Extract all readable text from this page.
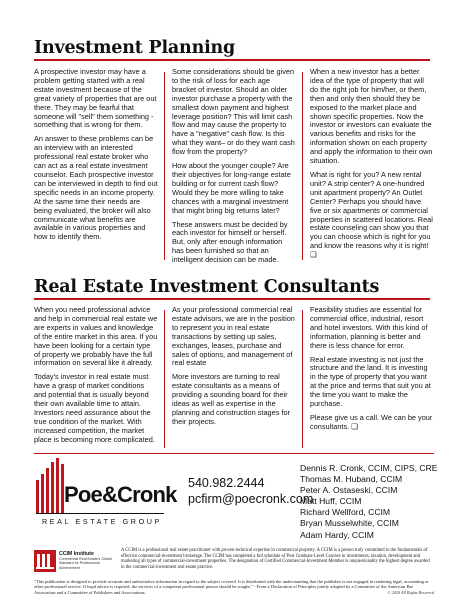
Investment Planning

A prospective investor may have a problem getting started with a real estate investment because of the great variety of properties that are out there. They may be fearful that someone will "sell" them something - something that is wrong for them.

An answer to these problems can be an interview with an interested professional real estate broker who can act as a real estate investment counselor. Each prospective investor can be interviewed in depth to find out specific needs in an income property. At the same time their needs are being evaluated, the broker will also communicate what benefits are available in various properties and how to identify them.

Some considerations should be given to the risk of loss for each age bracket of investor. Should an older investor purchase a property with the smallest down payment and highest leverage position? This will limit cash flow and may cause the property to have a "negative" cash flow. Is this what they want– or do they want cash flow from the property?

How about the younger couple? Are their objectives for long-range estate building or for current cash flow? Would they be more willing to take chances with a marginal investment that might bring big returns later?

These answers must be decided by each investor for himself or herself. But, only after enough information has been furnished so that an intelligent decision can be made.

When a new investor has a better idea of the type of property that will do the right job for him/her, or them, then and only then should they be exposed to the market place and shown specific properties. Now the investor or investors can evaluate the various benefits and risks for the information shown on each property and apply the information to their own situation.

What is right for you? A new rental unit? A strip center? A one-hundred unit apartment property? An Outlet Center? Perhaps you should have five or six apartments or commercial properties in scattered locations. Real estate counseling can show you that you can choose which is right for you and know the reasons why it is right! ❑

Real Estate Investment Consultants

When you need professional advice and help in commercial real estate we are experts in values and knowledge of the entire market in this area. If you have been looking for a certain type of property we probably have the full information on several like it already.

Today's investor in real estate must have a grasp of market conditions and potential that is usually beyond their own available time to attain. Investors need assurance about the true condition of the market. With increased competition, the market place is becoming more complicated.

As your professional commercial real estate advisors, we are in the position to represent you in real estate transactions by setting up sales, exchanges, leases, purchase and sales of options, and management of real estate

More investors are turning to real estate consultants as a means of providing a sounding board for their ideas as well as expertise in the planning and construction stages for their projects.

Feasibility studies are essential for commercial office, industrial, resort and hotel investors. With this kind of information, planning is better and there is less chance for error.

Real estate investing is not just the structure and the land. It is investing in the type of property that you want at the price and terms that suit you at the time you want to make the purchase.

Please give us a call. We can be your consultants. ❑

Poe&Cronk
REAL ESTATE GROUP
540.982.2444
pcfirm@poecronk.com
Dennis R. Cronk, CCIM, CIPS, CRE
Thomas M. Huband, CCIM
Peter A. Ostaseski, CCIM
Matt Huff, CCIM
Richard Wellford, CCIM
Bryan Musselwhite, CCIM
Adam Hardy, CCIM
CCIM Institute
Commercial Real Estate's Global Standard for Professional Achievement
A CCIM is a professional real estate practitioner with proven technical expertise in commercial property. A CCIM is a person truly committed to the fundamentals of effective commercial-investment brokerage. The CCIM has completed a full schedule of Post Graduate Level Courses in investments, taxation, development and marketing all types of commercial-investment properties. The designation of Certified Commercial-Investment Member is unquestionably the highest degree awarded in the commercial-investment real estate practice.
"This publication is designed to provide accurate and authoritative information in regard to the subject covered. It is distributed with the understanding that the publisher is not engaged in rendering legal, accounting or other professional service. If legal advice is required, the services of a competent professional person should be sought." - From a Declaration of Principles jointly adopted by a Committee of the American Bar Association and a Committee of Publishers and Associations.	© 2020 All Rights Reserved
